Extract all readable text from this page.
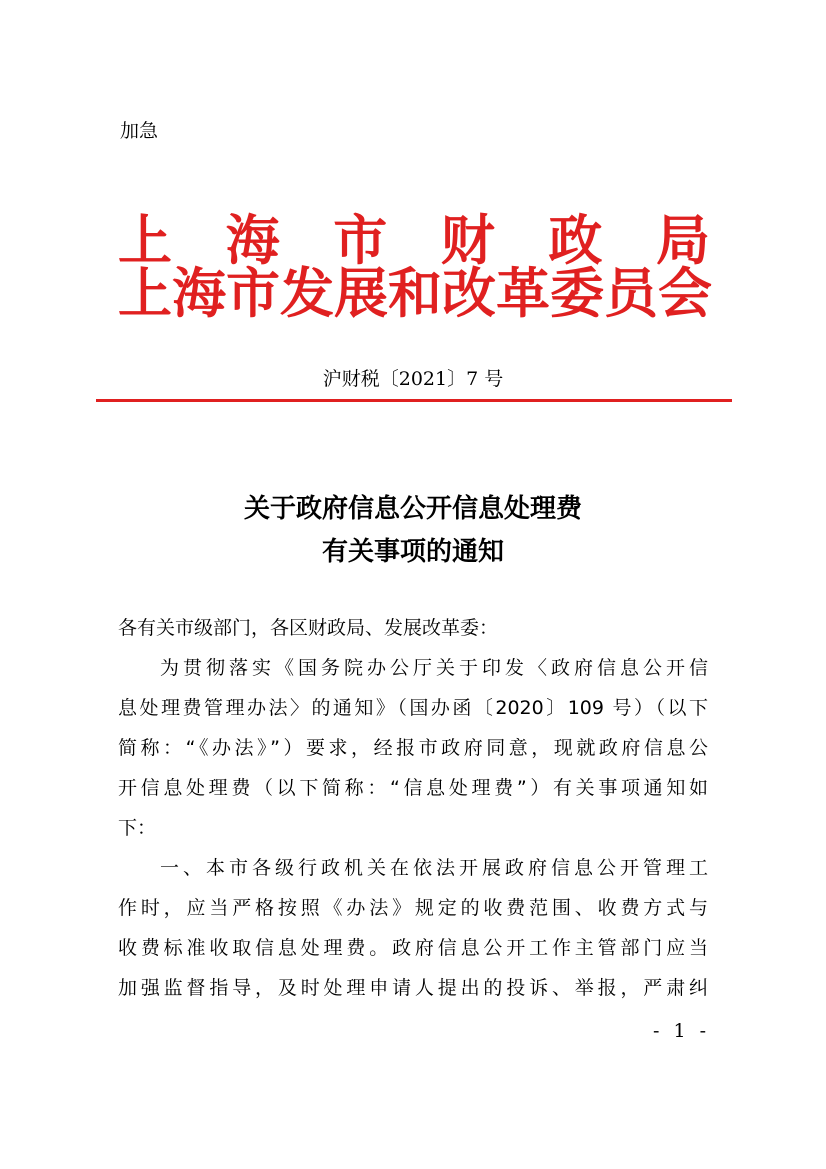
加急
上 海 市 财 政 局
上海市发展和改革委员会
沪财税〔2021〕7 号
关于政府信息公开信息处理费
有关事项的通知
各有关市级部门，各区财政局、发展改革委：
为贯彻落实《国务院办公厅关于印发〈政府信息公开信
息处理费管理办法〉的通知》（国办函〔2020〕109 号）（以下
简称：“《办法》”）要求，经报市政府同意，现就政府信息公
开信息处理费（以下简称：“信息处理费”）有关事项通知如
下：
一、本市各级行政机关在依法开展政府信息公开管理工
作时，应当严格按照《办法》规定的收费范围、收费方式与
收费标准收取信息处理费。政府信息公开工作主管部门应当
加强监督指导，及时处理申请人提出的投诉、举报，严肃纠
- 1 -
